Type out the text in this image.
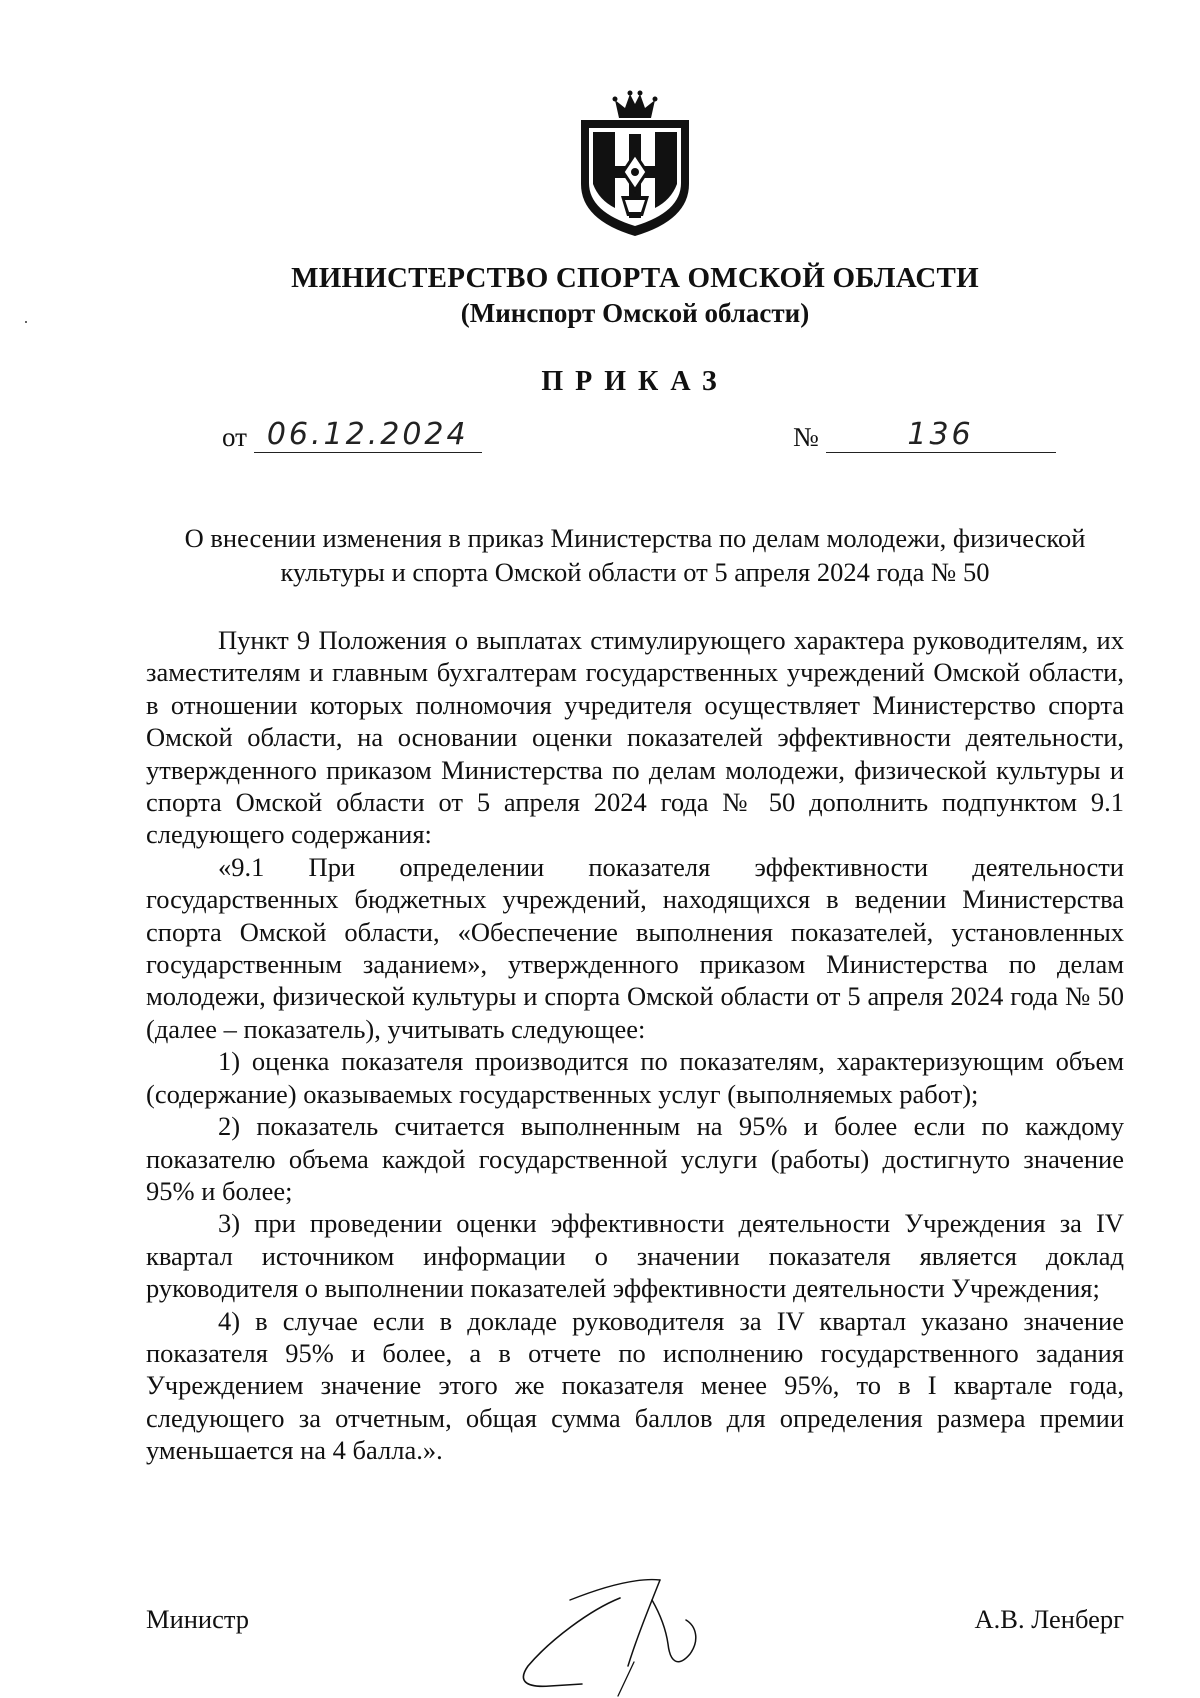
МИНИСТЕРСТВО СПОРТА ОМСКОЙ ОБЛАСТИ
(Минспорт Омской области)
ПРИКАЗ
от 06.12.2024	№	136
О внесении изменения в приказ Министерства по делам молодежи, физической
культуры и спорта Омской области от 5 апреля 2024 года № 50

Пункт 9 Положения о выплатах стимулирующего характера руководителям, их заместителям и главным бухгалтерам государственных учреждений Омской области, в отношении которых полномочия учредителя осуществляет Министерство спорта Омской области, на основании оценки показателей эффективности деятельности, утвержденного приказом Министерства по делам молодежи, физической культуры и спорта Омской области от 5 апреля 2024 года № 50 дополнить подпунктом 9.1 следующего содержания:

«9.1 При определении показателя эффективности деятельности государственных бюджетных учреждений, находящихся в ведении Министерства спорта Омской области, «Обеспечение выполнения показателей, установленных государственным заданием», утвержденного приказом Министерства по делам молодежи, физической культуры и спорта Омской области от 5 апреля 2024 года № 50 (далее – показатель), учитывать следующее:

1) оценка показателя производится по показателям, характеризующим объем (содержание) оказываемых государственных услуг (выполняемых работ);

2) показатель считается выполненным на 95% и более если по каждому показателю объема каждой государственной услуги (работы) достигнуто значение 95% и более;

3) при проведении оценки эффективности деятельности Учреждения за IV квартал источником информации о значении показателя является доклад руководителя о выполнении показателей эффективности деятельности Учреждения;

4) в случае если в докладе руководителя за IV квартал указано значение показателя 95% и более, а в отчете по исполнению государственного задания Учреждением значение этого же показателя менее 95%, то в I квартале года, следующего за отчетным, общая сумма баллов для определения размера премии уменьшается на 4 балла.».

Министр	А.В. Ленберг
